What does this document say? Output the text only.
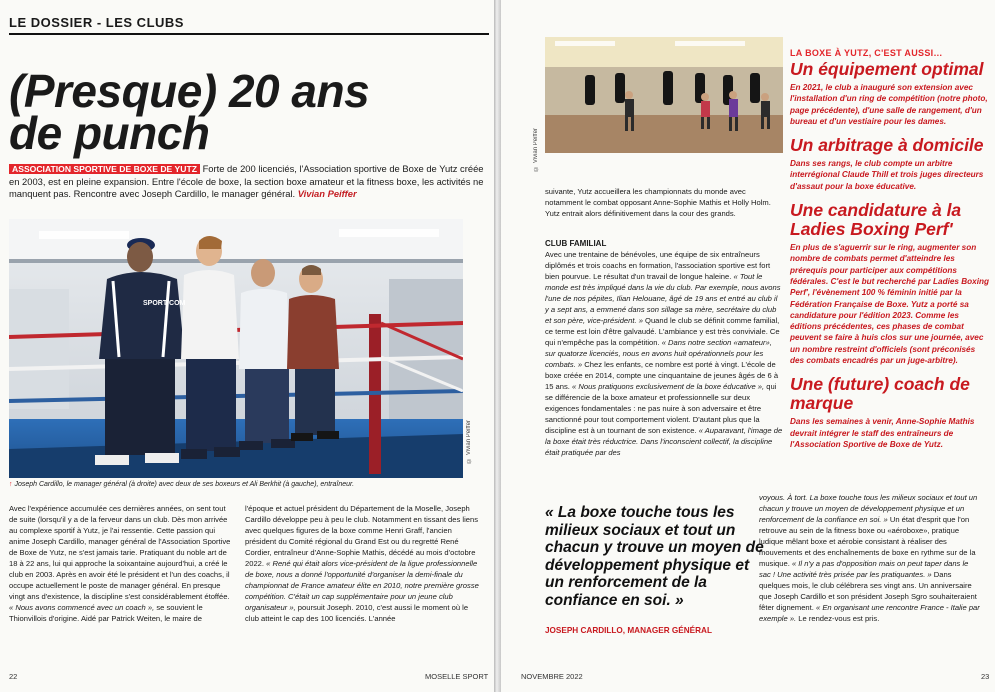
LE DOSSIER - LES CLUBS
(Presque) 20 ans
de punch
ASSOCIATION SPORTIVE DE BOXE DE YUTZ Forte de 200 licenciés, l'Association sportive de Boxe de Yutz créée en 2003, est en pleine expansion. Entre l'école de boxe, la section boxe amateur et la fitness boxe, les activités ne manquent pas. Rencontre avec Joseph Cardillo, le manager général. Vivian Peiffer
SPORT COM
© Vivian Peiffer
↑ Joseph Cardillo, le manager général (à droite) avec deux de ses boxeurs et Ali Berkhit (à gauche), entraîneur.
Avec l'expérience accumulée ces dernières années, on sent tout de suite (lorsqu'il y a de la ferveur dans un club. Dès mon arrivée au complexe sportif à Yutz, je l'ai ressentie. Cette passion qui anime Joseph Cardillo, manager général de l'Association Sportive de Boxe de Yutz, ne s'est jamais tarie. Pratiquant du noble art de 18 à 22 ans, lui qui approche la soixantaine aujourd'hui, a créé le club en 2003. Après en avoir été le président et l'un des coachs, il occupe actuellement le poste de manager général. En presque vingt ans d'existence, la discipline s'est considérablement étoffée. « Nous avons commencé avec un coach », se souvient le Thionvillois d'origine. Aidé par Patrick Weiten, le maire de
l'époque et actuel président du Département de la Moselle, Joseph Cardillo développe peu à peu le club. Notamment en tissant des liens avec quelques figures de la boxe comme Henri Graff, l'ancien président du Comité régional du Grand Est ou du regretté René Cordier, entraîneur d'Anne-Sophie Mathis, décédé au mois d'octobre 2022. « René qui était alors vice-président de la ligue professionnelle de boxe, nous a donné l'opportunité d'organiser la demi-finale du championnat de France amateur élite en 2010, notre première grosse compétition. C'était un cap supplémentaire pour un jeune club organisateur », poursuit Joseph. 2010, c'est aussi le moment où le club atteint le cap des 100 licenciés. L'année
22	MOSELLE SPORT
© Vivian Peiffer
suivante, Yutz accueillera les championnats du monde avec notamment le combat opposant Anne-Sophie Mathis et Holly Holm. Yutz entrait alors définitivement dans la cour des grands.
CLUB FAMILIAL
Avec une trentaine de bénévoles, une équipe de six entraîneurs diplômés et trois coachs en formation, l'association sportive est fort bien pourvue. Le résultat d'un travail de longue haleine. « Tout le monde est très impliqué dans la vie du club. Par exemple, nous avons l'une de nos pépites, Ilian Helouane, âgé de 19 ans et entré au club il y a sept ans, a emmené dans son sillage sa mère, secrétaire du club et son père, vice-président. » Quand le club se définit comme familial, ce terme est loin d'être galvaudé. L'ambiance y est très conviviale. Ce qui n'empêche pas la compétition. « Dans notre section «amateur», sur quatorze licenciés, nous en avons huit opérationnels pour les combats. » Chez les enfants, ce nombre est porté à vingt. L'école de boxe créée en 2014, compte une cinquantaine de jeunes âgés de 6 à 15 ans. « Nous pratiquons exclusivement de la boxe éducative », qui se différencie de la boxe amateur et professionnelle sur deux exigences fondamentales : ne pas nuire à son adversaire et être sanctionné pour tout comportement violent. D'autant plus que la discipline est à un tournant de son existence. « Auparavant, l'image de la boxe était très réductrice. Dans l'inconscient collectif, la discipline était pratiquée par des
« La boxe touche tous les milieux sociaux et tout un chacun y trouve un moyen de développement physique et un renforcement de la confiance en soi. »
JOSEPH CARDILLO, MANAGER GÉNÉRAL
voyous. À tort. La boxe touche tous les milieux sociaux et tout un chacun y trouve un moyen de développement physique et un renforcement de la confiance en soi. » Un état d'esprit que l'on retrouve au sein de la fitness boxe ou «aéroboxe», pratique ludique mêlant boxe et aérobie consistant à réaliser des mouvements et des enchaînements de boxe en rythme sur de la musique. « Il n'y a pas d'opposition mais on peut taper dans le sac ! Une activité très prisée par les pratiquantes. » Dans quelques mois, le club célébrera ses vingt ans. Un anniversaire que Joseph Cardillo et son président Joseph Sgro souhaiteraient fêter dignement. « En organisant une rencontre France - Italie par exemple ». Le rendez-vous est pris.
LA BOXE À YUTZ, C'EST AUSSI…
Un équipement optimal
En 2021, le club a inauguré son extension avec l'installation d'un ring de compétition (notre photo, page précédente), d'une salle de rangement, d'un bureau et d'un vestiaire pour les dames.
Un arbitrage à domicile
Dans ses rangs, le club compte un arbitre interrégional Claude Thill et trois juges directeurs d'assaut pour la boxe éducative.
Une candidature à la Ladies Boxing Perf'
En plus de s'aguerrir sur le ring, augmenter son nombre de combats permet d'atteindre les prérequis pour participer aux compétitions fédérales. C'est le but recherché par Ladies Boxing Perf', l'évènement 100 % féminin initié par la Fédération Française de Boxe. Yutz a porté sa candidature pour l'édition 2023. Comme les éditions précédentes, ces phases de combat peuvent se faire à huis clos sur une journée, avec un nombre restreint d'officiels (sont préconisés des combats encadrés par un juge-arbitre).
Une (future) coach de marque
Dans les semaines à venir, Anne-Sophie Mathis devrait intégrer le staff des entraîneurs de l'Association Sportive de Boxe de Yutz.
NOVEMBRE 2022	23
